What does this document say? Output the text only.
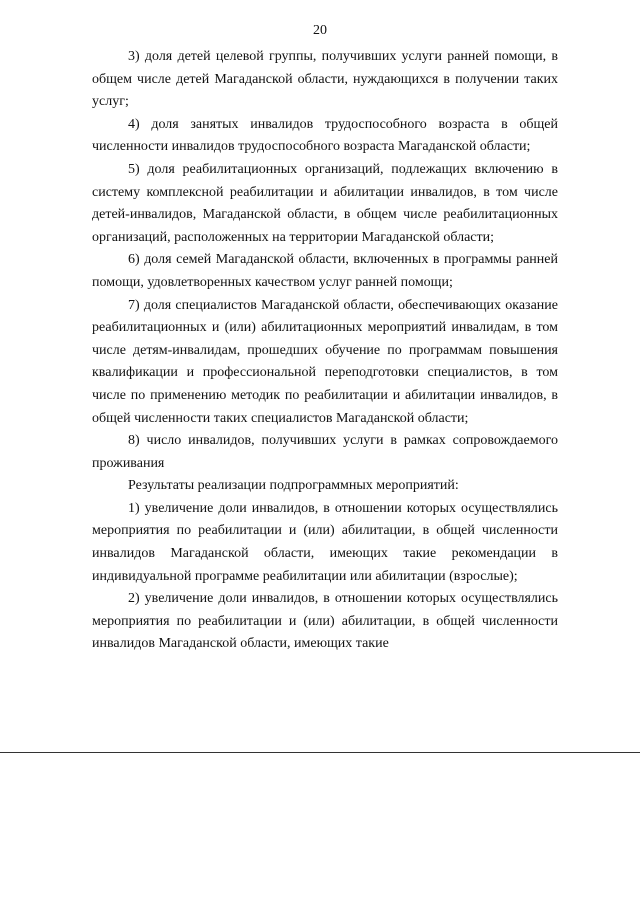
20

3) доля детей целевой группы, получивших услуги ранней помощи, в общем числе детей Магаданской области, нуждающихся в получении таких услуг;

4) доля занятых инвалидов трудоспособного возраста в общей численности инвалидов трудоспособного возраста Магаданской области;

5) доля реабилитационных организаций, подлежащих включению в систему комплексной реабилитации и абилитации инвалидов, в том числе детей-инвалидов, Магаданской области, в общем числе реабилитационных организаций, расположенных на территории Магаданской области;

6) доля семей Магаданской области, включенных в программы ранней помощи, удовлетворенных качеством услуг ранней помощи;

7) доля специалистов Магаданской области, обеспечивающих оказание реабилитационных и (или) абилитационных мероприятий инвалидам, в том числе детям-инвалидам, прошедших обучение по программам повышения квалификации и профессиональной переподготовки специалистов, в том числе по применению методик по реабилитации и абилитации инвалидов, в общей численности таких специалистов Магаданской области;

8) число инвалидов, получивших услуги в рамках сопровождаемого проживания

Результаты реализации подпрограммных мероприятий:

1) увеличение доли инвалидов, в отношении которых осуществлялись мероприятия по реабилитации и (или) абилитации, в общей численности инвалидов Магаданской области, имеющих такие рекомендации в индивидуальной программе реабилитации или абилитации (взрослые);

2) увеличение доли инвалидов, в отношении которых осуществлялись мероприятия по реабилитации и (или) абилитации, в общей численности инвалидов Магаданской области, имеющих такие
